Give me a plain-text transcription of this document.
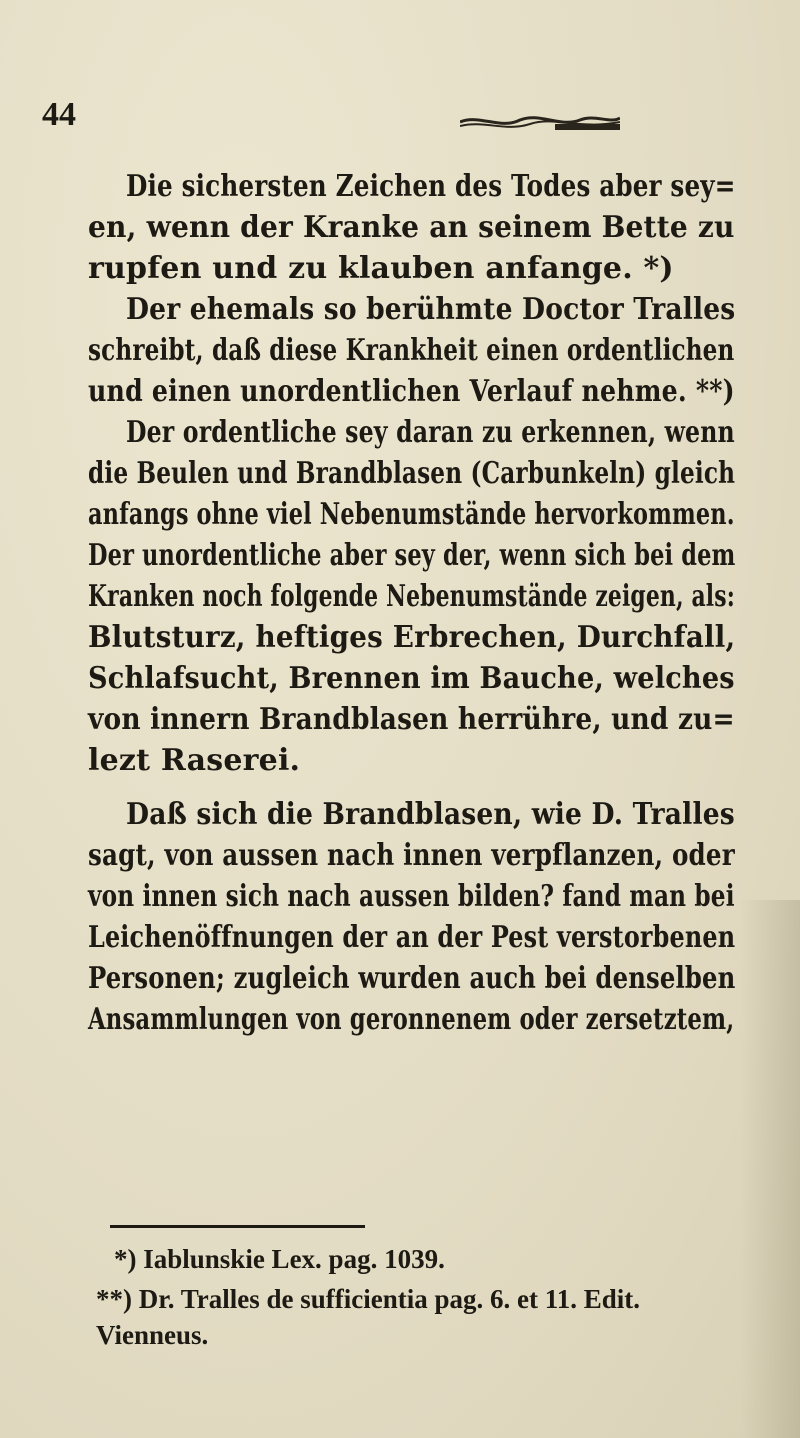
44
Die sichersten Zeichen des Todes aber sey=
en, wenn der Kranke an seinem Bette zu
rupfen und zu klauben anfange. *)
Der ehemals so berühmte Doctor Tralles
schreibt, daß diese Krankheit einen ordentlichen
und einen unordentlichen Verlauf nehme. **)
Der ordentliche sey daran zu erkennen, wenn
die Beulen und Brandblasen (Carbunkeln) gleich
anfangs ohne viel Nebenumstände hervorkommen.
Der unordentliche aber sey der, wenn sich bei dem
Kranken noch folgende Nebenumstände zeigen, als:
Blutsturz, heftiges Erbrechen, Durchfall,
Schlafsucht, Brennen im Bauche, welches
von innern Brandblasen herrühre, und zu=
lezt Raserei.
Daß sich die Brandblasen, wie D. Tralles
sagt, von aussen nach innen verpflanzen, oder
von innen sich nach aussen bilden? fand man bei
Leichenöffnungen der an der Pest verstorbenen
Personen; zugleich wurden auch bei denselben
Ansammlungen von geronnenem oder zersetztem,
*) Iablunskie Lex. pag. 1039.
**) Dr. Tralles de sufficientia pag. 6. et 11. Edit.
Vienneus.
